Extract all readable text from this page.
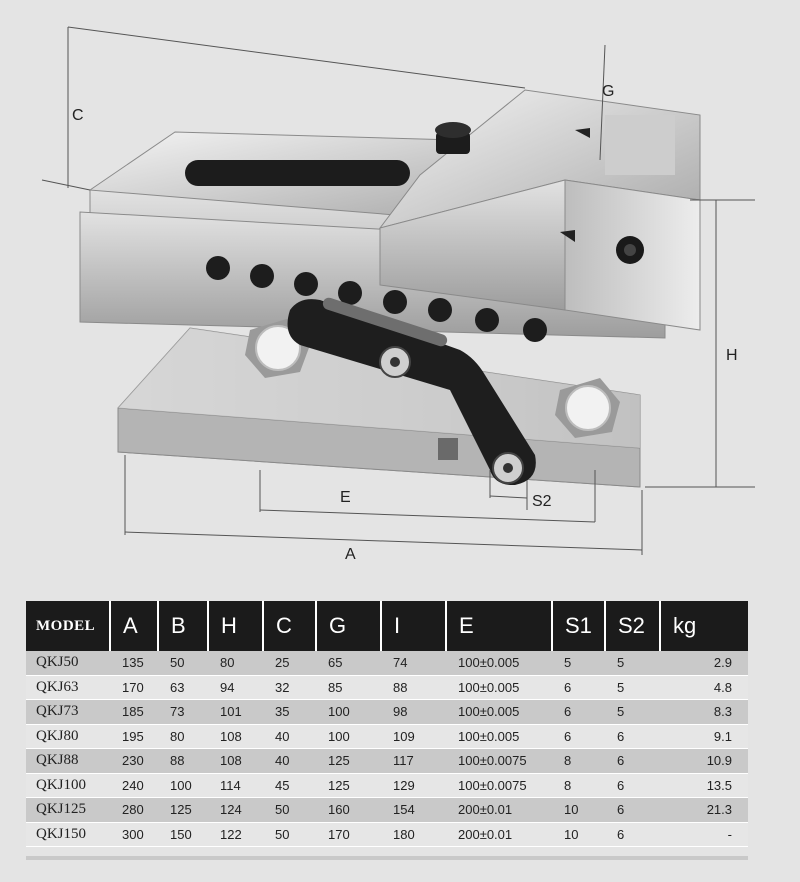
C
G
H
E	S2
A
MODEL	A	B	H	C	G	I	E	S1	S2	kg
QKJ50	135	50	80	25	65	74	100±0.005	5	5	2.9
QKJ63	170	63	94	32	85	88	100±0.005	6	5	4.8
QKJ73	185	73	101	35	100	98	100±0.005	6	5	8.3
QKJ80	195	80	108	40	100	109	100±0.005	6	6	9.1
QKJ88	230	88	108	40	125	117	100±0.0075	8	6	10.9
QKJ100	240	100	114	45	125	129	100±0.0075	8	6	13.5
QKJ125	280	125	124	50	160	154	200±0.01	10	6	21.3
QKJ150	300	150	122	50	170	180	200±0.01	10	6	-
